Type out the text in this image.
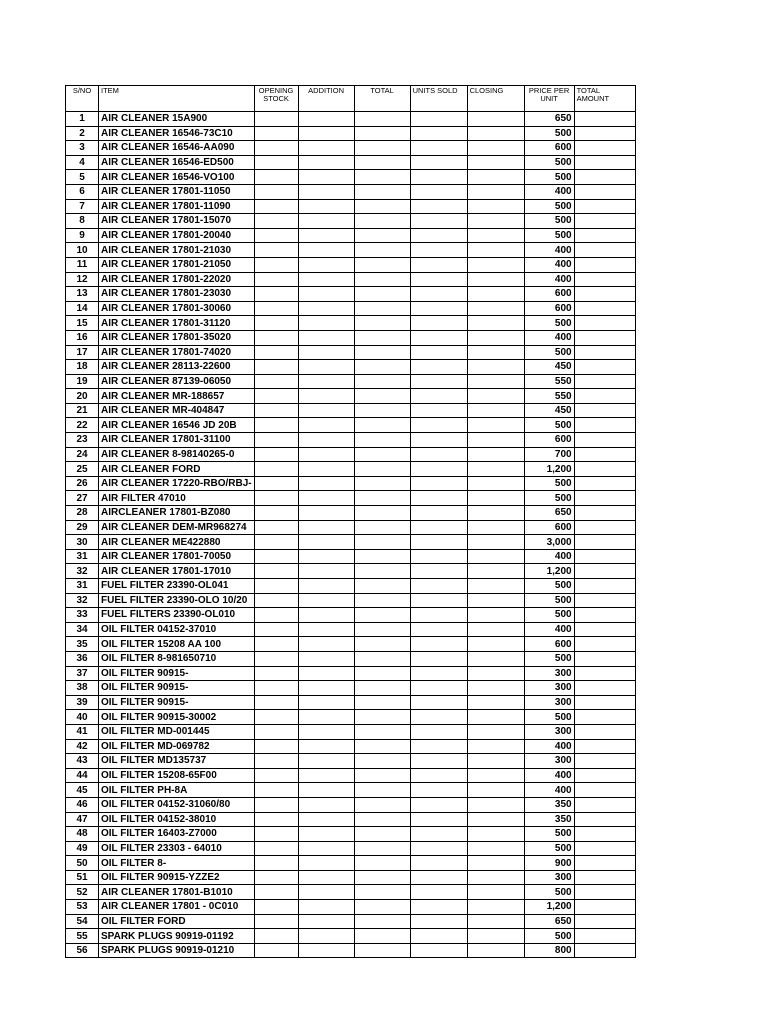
S/NO	ITEM	OPENING STOCK	ADDITION	TOTAL	UNITS SOLD	CLOSING	PRICE PER UNIT	TOTAL AMOUNT
1	AIR CLEANER 15A900						650	
2	AIR CLEANER 16546-73C10						500	
3	AIR CLEANER 16546-AA090						600	
4	AIR CLEANER 16546-ED500						500	
5	AIR CLEANER 16546-VO100						500	
6	AIR CLEANER 17801-11050						400	
7	AIR CLEANER 17801-11090						500	
8	AIR CLEANER 17801-15070						500	
9	AIR CLEANER 17801-20040						500	
10	AIR CLEANER 17801-21030						400	
11	AIR CLEANER 17801-21050						400	
12	AIR CLEANER 17801-22020						400	
13	AIR CLEANER 17801-23030						600	
14	AIR CLEANER 17801-30060						600	
15	AIR CLEANER 17801-31120						500	
16	AIR CLEANER 17801-35020						400	
17	AIR CLEANER 17801-74020						500	
18	AIR CLEANER 28113-22600						450	
19	AIR CLEANER 87139-06050						550	
20	AIR CLEANER MR-188657						550	
21	AIR CLEANER MR-404847						450	
22	AIR CLEANER 16546 JD 20B						500	
23	AIR CLEANER 17801-31100						600	
24	AIR CLEANER 8-98140265-0						700	
25	AIR CLEANER FORD						1,200	
26	AIR CLEANER 17220-RBO/RBJ-						500	
27	AIR FILTER 47010						500	
28	AIRCLEANER 17801-BZ080						650	
29	AIR CLEANER DEM-MR968274						600	
30	AIR CLEANER ME422880						3,000	
31	AIR CLEANER 17801-70050						400	
32	AIR CLEANER 17801-17010						1,200	
31	FUEL FILTER 23390-OL041						500	
32	FUEL FILTER 23390-OLO 10/20						500	
33	FUEL FILTERS 23390-OL010						500	
34	OIL FILTER 04152-37010						400	
35	OIL FILTER 15208 AA 100						600	
36	OIL FILTER 8-981650710						500	
37	OIL FILTER 90915-						300	
38	OIL FILTER 90915-						300	
39	OIL FILTER 90915-						300	
40	OIL FILTER 90915-30002						500	
41	OIL FILTER MD-001445						300	
42	OIL FILTER MD-069782						400	
43	OIL FILTER MD135737						300	
44	OIL FILTER 15208-65F00						400	
45	OIL FILTER PH-8A						400	
46	OIL FILTER 04152-31060/80						350	
47	OIL FILTER 04152-38010						350	
48	OIL FILTER 16403-Z7000						500	
49	OIL FILTER 23303 - 64010						500	
50	OIL FILTER 8-						900	
51	OIL FILTER 90915-YZZE2						300	
52	AIR CLEANER 17801-B1010						500	
53	AIR CLEANER 17801 - 0C010						1,200	
54	OIL FILTER FORD						650	
55	SPARK PLUGS 90919-01192						500	
56	SPARK PLUGS 90919-01210						800	
